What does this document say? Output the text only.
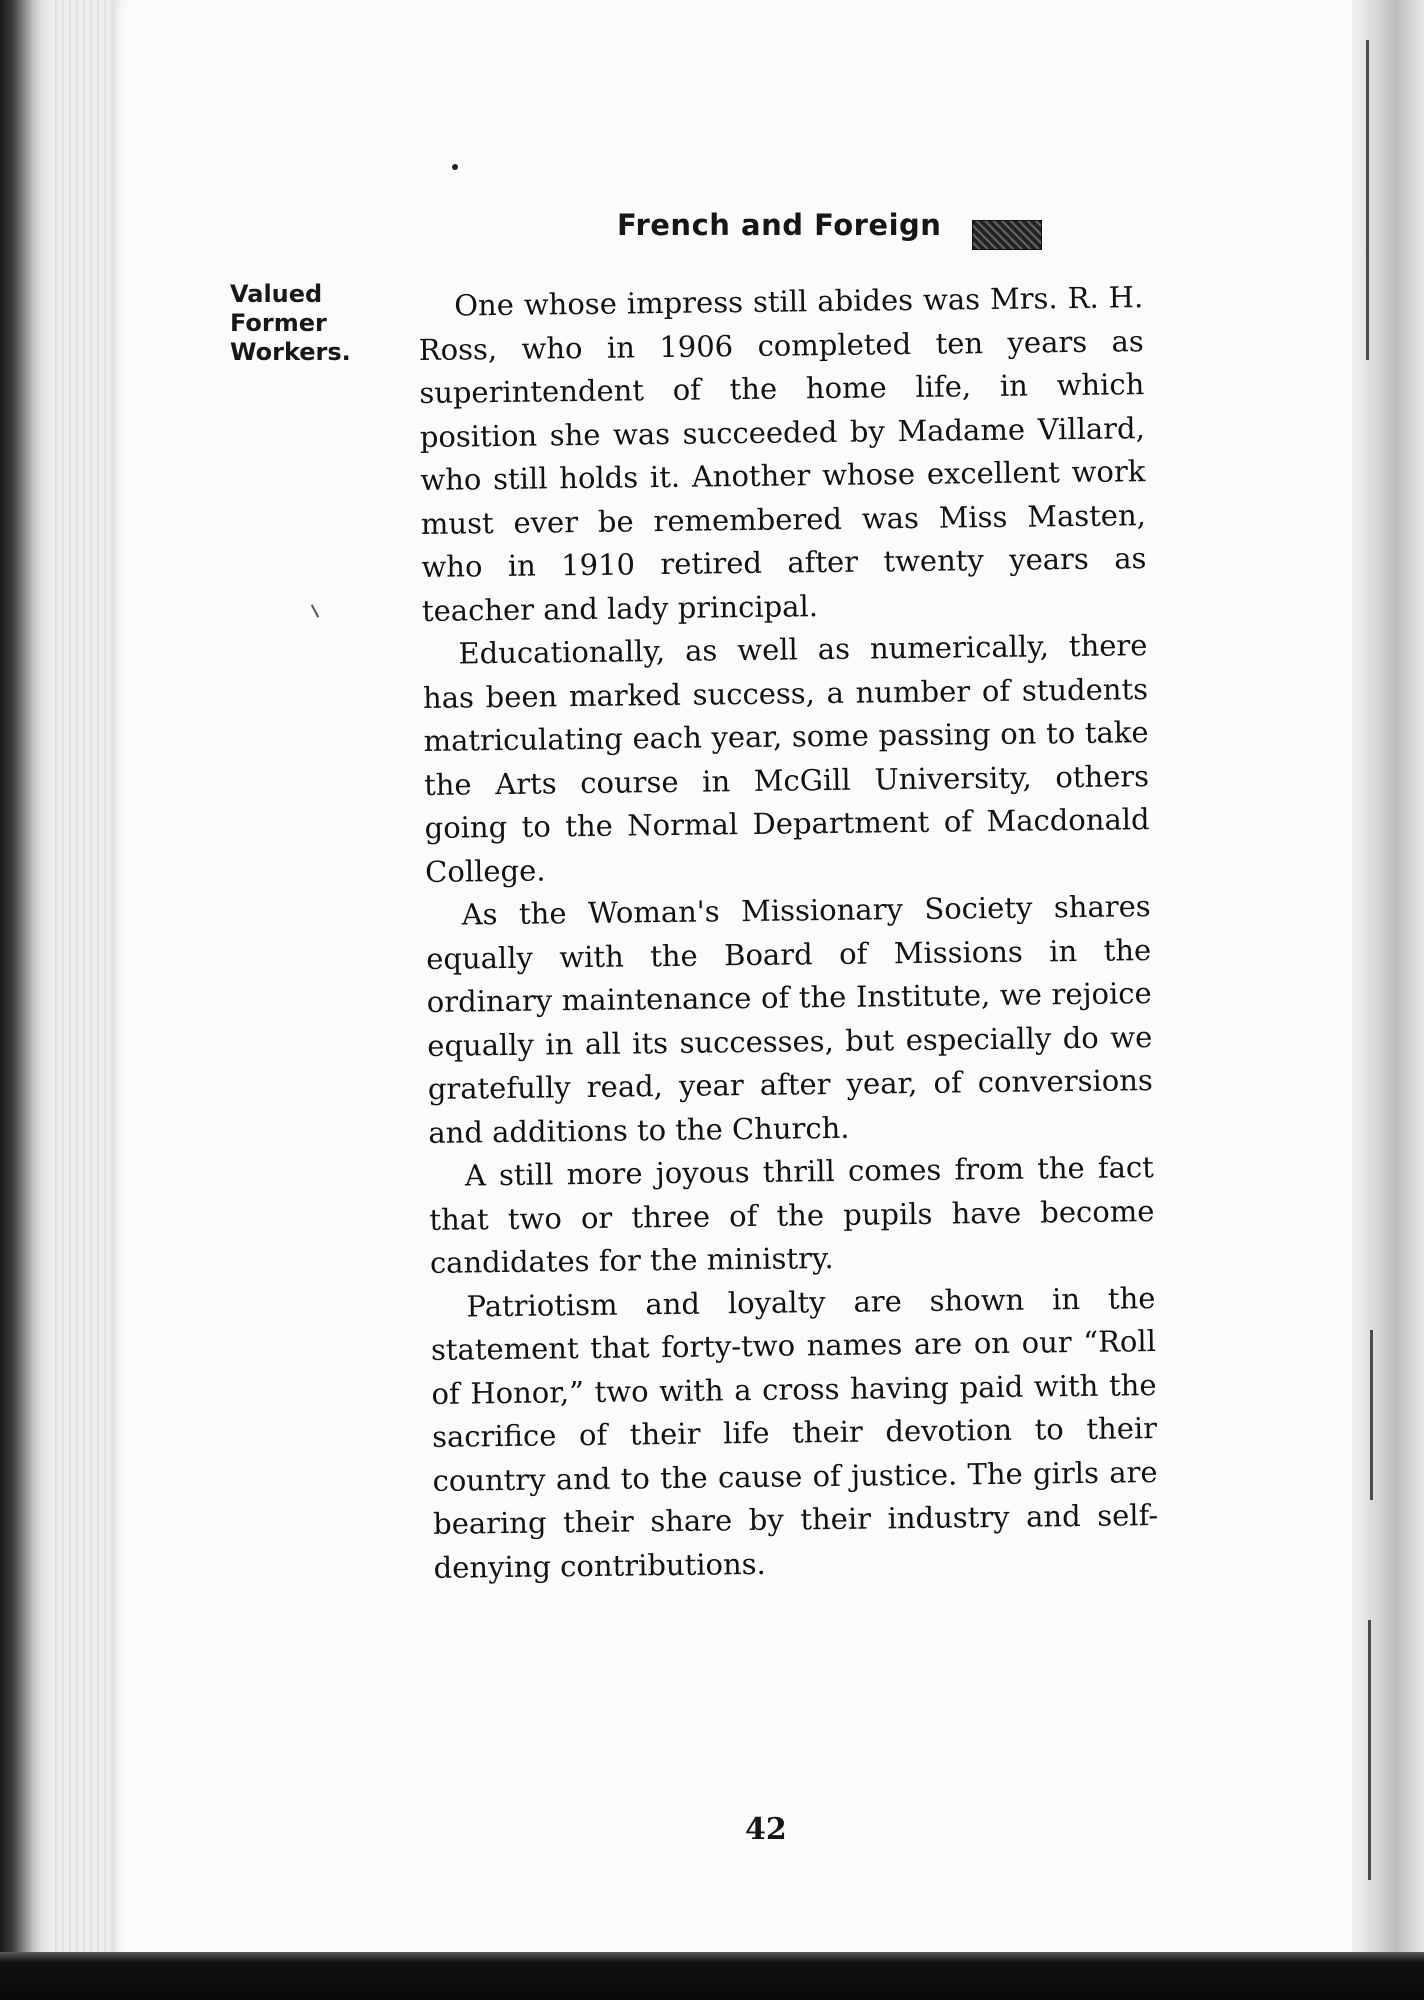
French and Foreign
Valued
Former
Workers.

One whose impress still abides was Mrs. R. H. Ross, who in 1906 completed ten years as superintendent of the home life, in which position she was succeeded by Madame Villard, who still holds it. Another whose excellent work must ever be remembered was Miss Masten, who in 1910 retired after twenty years as teacher and lady principal.

Educationally, as well as numerically, there has been marked success, a number of students matriculating each year, some passing on to take the Arts course in McGill University, others going to the Normal Department of Macdonald College.

As the Woman's Missionary Society shares equally with the Board of Missions in the ordinary maintenance of the Institute, we rejoice equally in all its successes, but especially do we gratefully read, year after year, of conversions and additions to the Church.

A still more joyous thrill comes from the fact that two or three of the pupils have become candidates for the ministry.

Patriotism and loyalty are shown in the statement that forty-two names are on our “Roll of Honor,” two with a cross having paid with the sacrifice of their life their devotion to their country and to the cause of justice. The girls are bearing their share by their industry and self-denying contributions.

42
